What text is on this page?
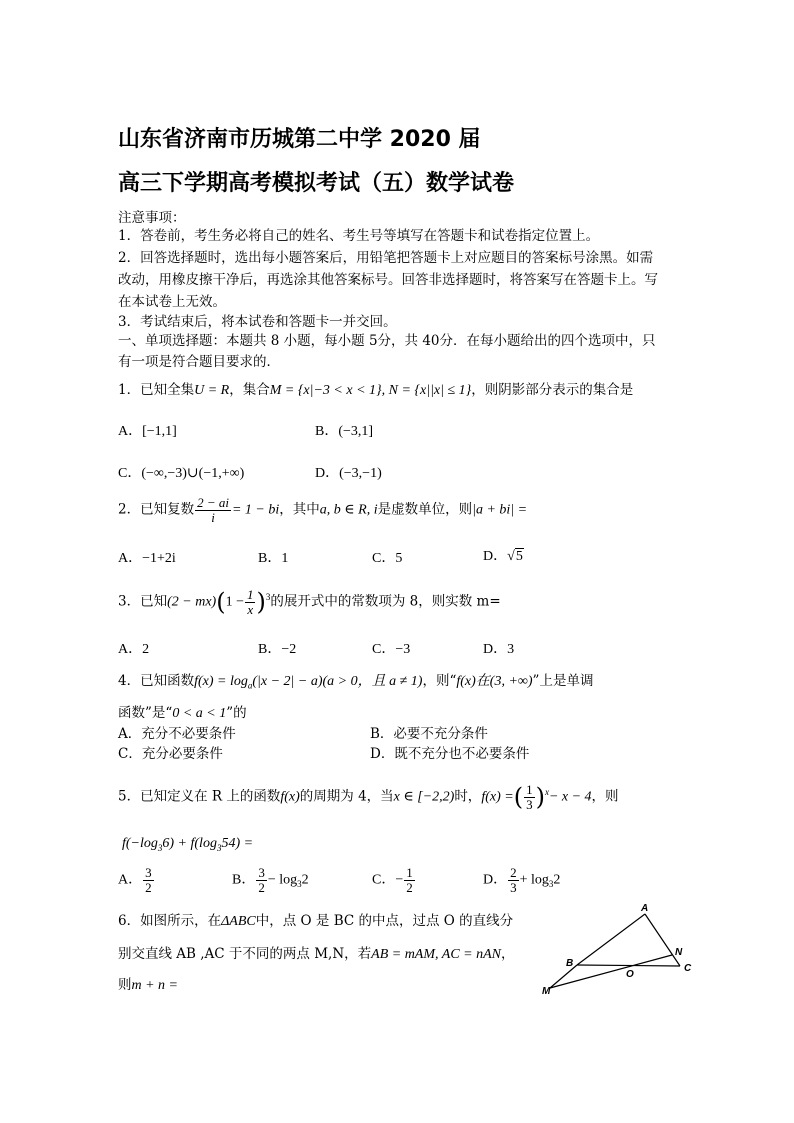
山东省济南市历城第二中学 2020 届
高三下学期高考模拟考试（五）数学试卷
注意事项：
1．答卷前，考生务必将自己的姓名、考生号等填写在答题卡和试卷指定位置上。
2．回答选择题时，选出每小题答案后，用铅笔把答题卡上对应题目的答案标号涂黑。如需
改动，用橡皮擦干净后，再选涂其他答案标号。回答非选择题时，将答案写在答题卡上。写
在本试卷上无效。
3．考试结束后，将本试卷和答题卡一并交回。
一、单项选择题：本题共 8 小题，每小题 5分，共 40分．在每小题给出的四个选项中，只
有一项是符合题目要求的．
1．已知全集U = R，集合M = {x|−3 < x < 1}, N = {x||x| ≤ 1}，则阴影部分表示的集合是
A．[−1,1]	B．(−3,1]
C．(−∞,−3)∪(−1,+∞)	D．(−3,−1)
2．已知复数 $\frac{2 - ai}{i} = 1$ − bi，其中a, b ∈ R, i是虚数单位，则|a + bi| =
A．−1+2i	B．1	C．5	D．√5
3．已知$(2 - mx)(1 - \frac{1}{x} )^3$的展开式中的常数项为 8，则实数 m=
A．2	B．−2	C．−3	D．3
4．已知函数$f(x) = \log_a(|x - 2| - a)(a > 0$，且 a ≠ 1)，则“f(x)在(3, +∞)”上是单调
函数”是“0 < a < 1”的
A．充分不必要条件	B．必要不充分条件
C．充分必要条件	D．既不充分也不必要条件
5．已知定义在 R 上的函数f(x)的周期为 4，当x ∈ [−2,2)时，f(x) =( $\frac{1}{3} )^x- x - 4$，则
$f(-\log_36) + f(\log_354)$ =
A． $\frac{3}{2}$	B． $\frac{3}{2} - \log_32$	C．− $\frac{1}{2}$	D． $\frac{2}{3} + \log_32$
6．如图所示，在ΔABC中，点 O 是 BC 的中点，过点 O 的直线分
别交直线 AB ,AC 于不同的两点 M,N，若AB = mAM, AC = nAN，
则m + n =
A
B	C
N
O
M
